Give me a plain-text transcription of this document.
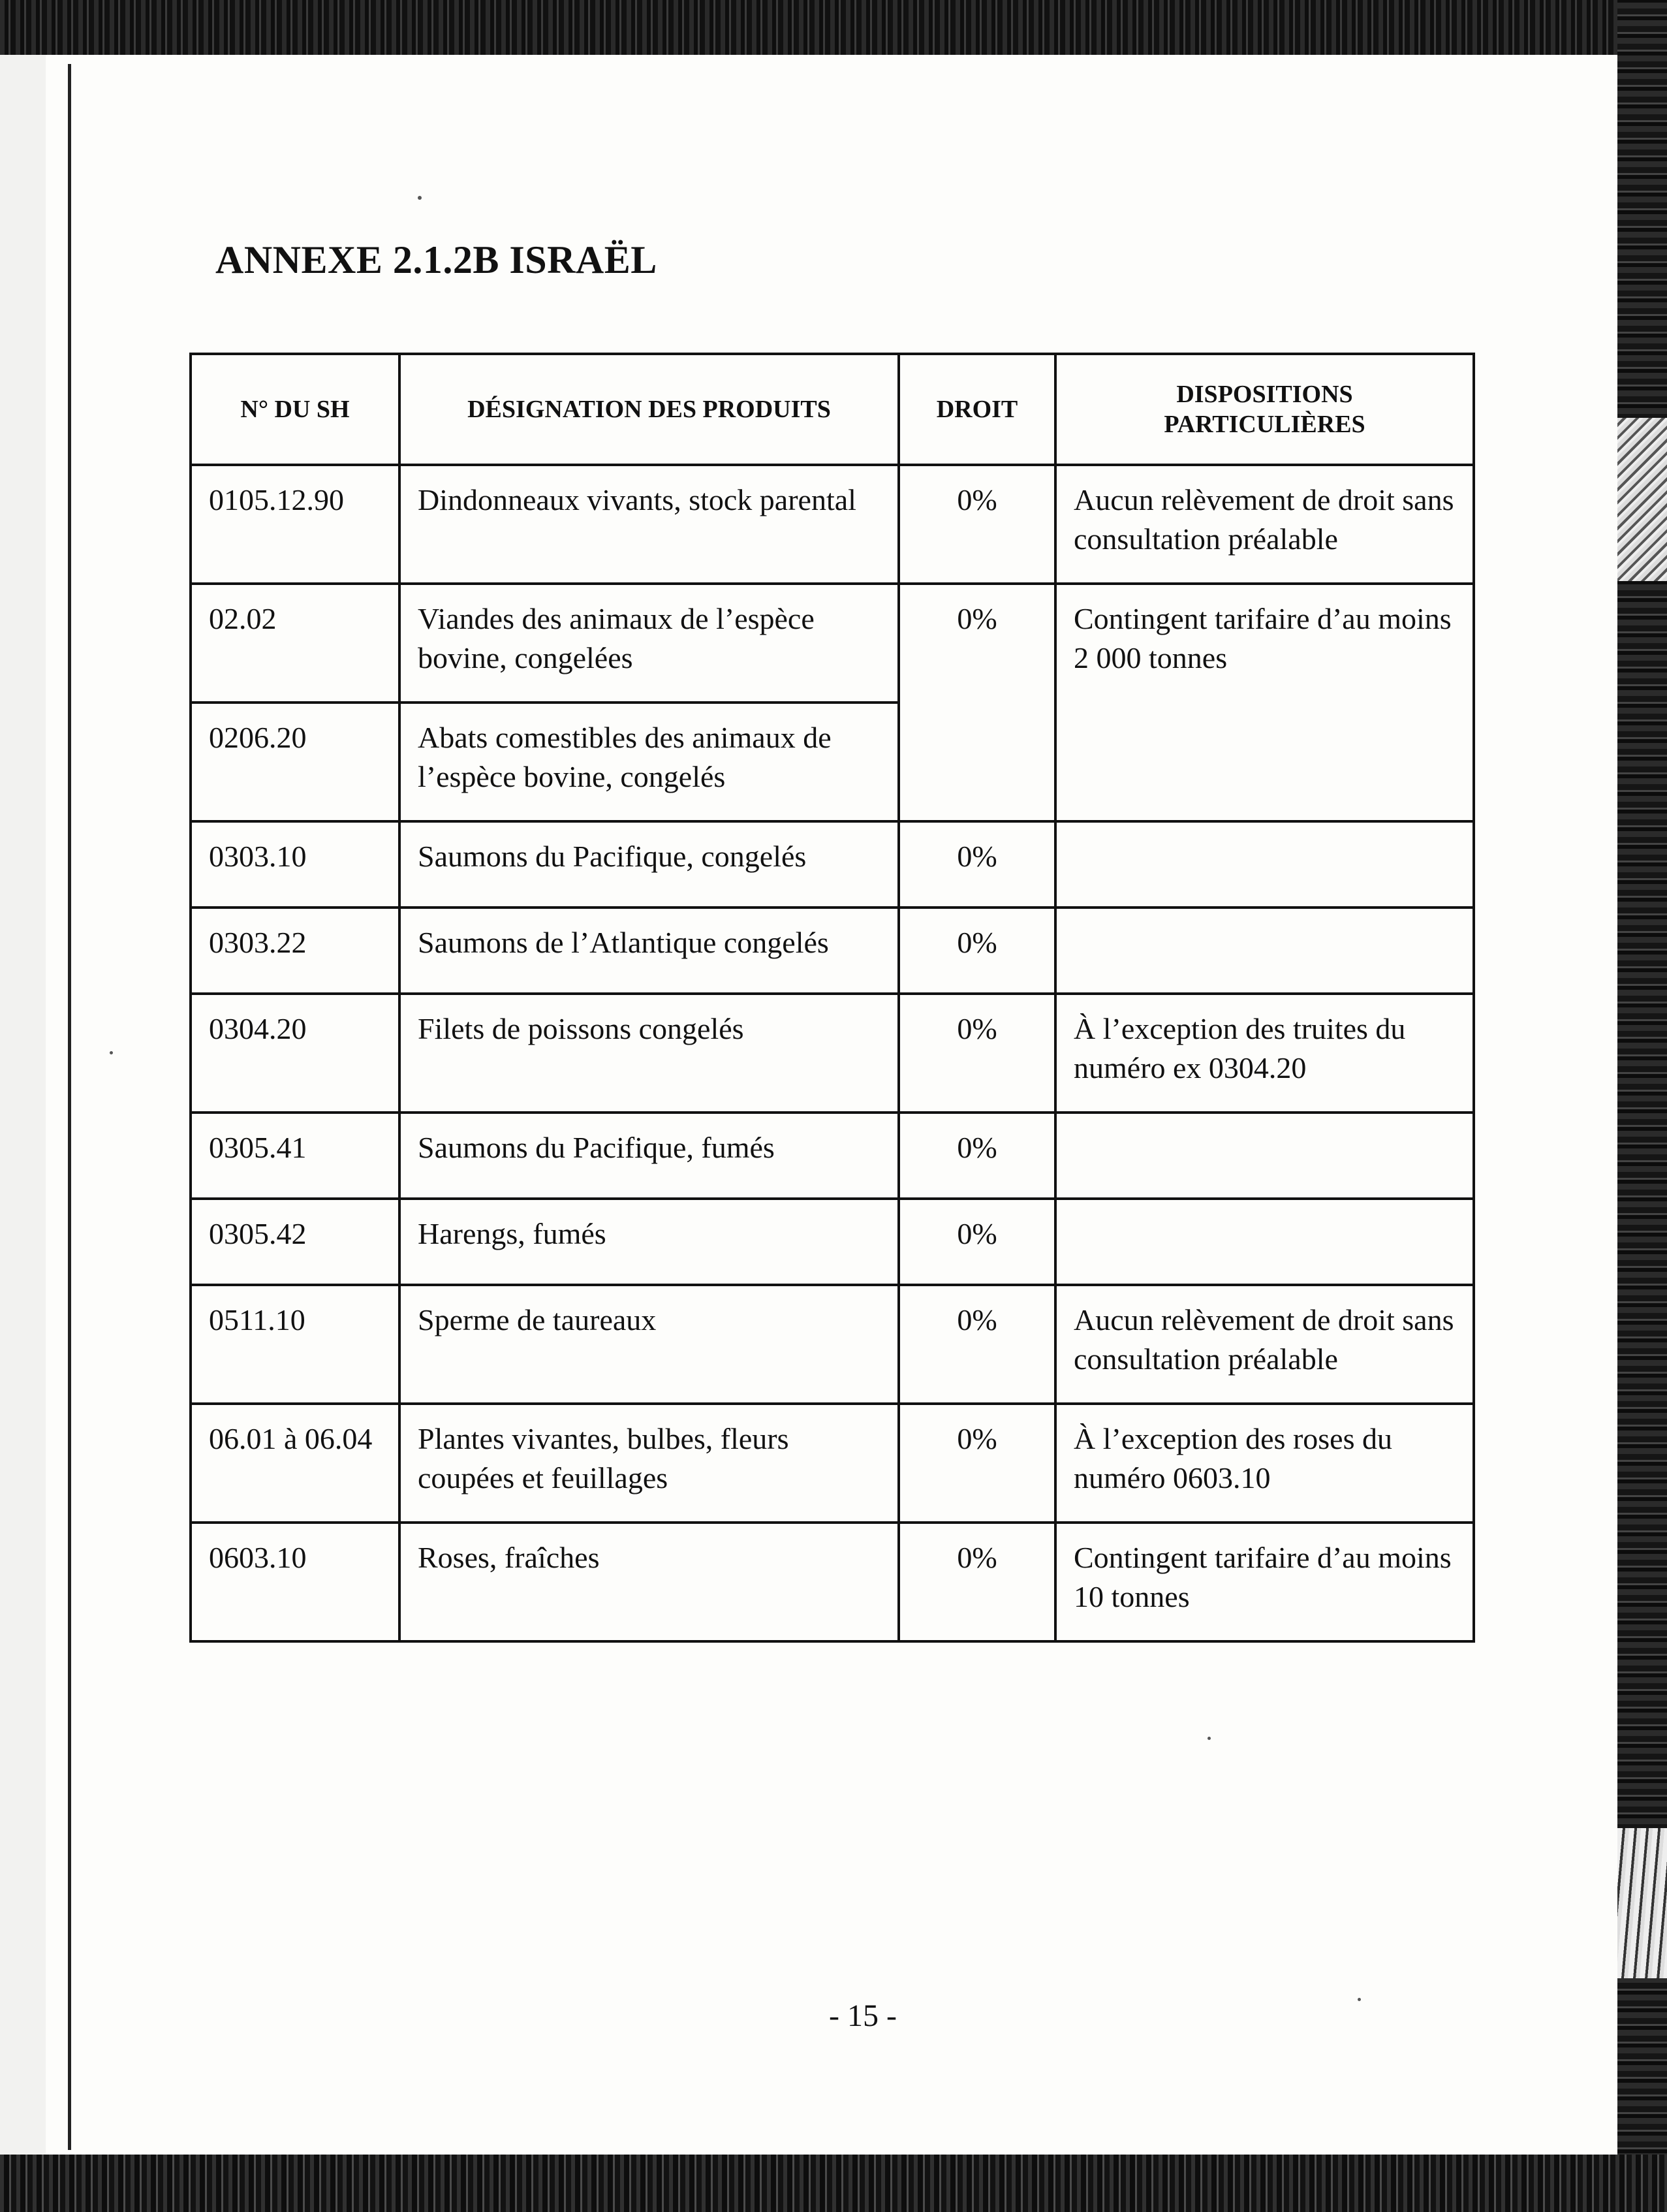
ANNEXE 2.1.2B ISRAËL
N° DU SH	DÉSIGNATION DES PRODUITS	DROIT	DISPOSITIONS
PARTICULIÈRES

0105.12.90	Dindonneaux vivants, stock parental	0%	Aucun relèvement de droit sans consultation préalable
02.02	Viandes des animaux de l’espèce bovine, congelées	0%	Contingent tarifaire d’au moins 2 000 tonnes
0206.20	Abats comestibles des animaux de l’espèce bovine, congelés		
0303.10	Saumons du Pacifique, congelés	0%	
0303.22	Saumons de l’Atlantique congelés	0%	
0304.20	Filets de poissons congelés	0%	À l’exception des truites du numéro ex 0304.20
0305.41	Saumons du Pacifique, fumés	0%	
0305.42	Harengs, fumés	0%	
0511.10	Sperme de taureaux	0%	Aucun relèvement de droit sans consultation préalable
06.01 à 06.04	Plantes vivantes, bulbes, fleurs coupées et feuillages	0%	À l’exception des roses du numéro 0603.10
0603.10	Roses, fraîches	0%	Contingent tarifaire d’au moins 10 tonnes
- 15 -
